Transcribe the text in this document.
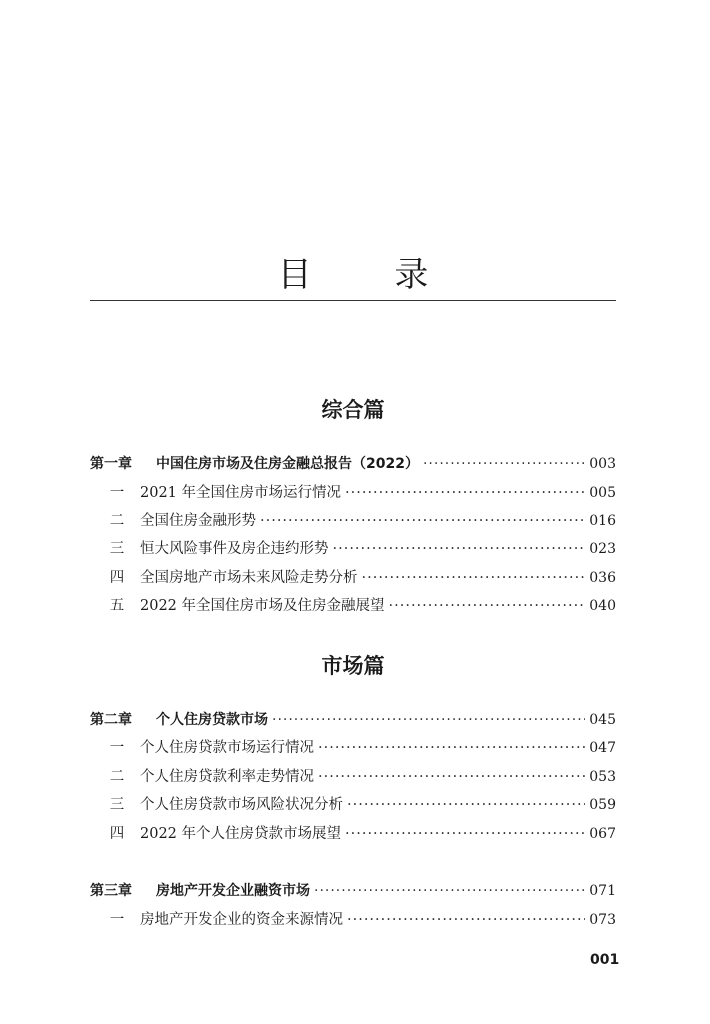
目 录
综合篇
第一章	中国住房市场及住房金融总报告（2022） ·····	003
一 2021 年全国住房市场运行情况 ·····	005
二 全国住房金融形势 ·····	016
三 恒大风险事件及房企违约形势 ·····	023
四 全国房地产市场未来风险走势分析 ·····	036
五 2022 年全国住房市场及住房金融展望 ·····	040
市场篇
第二章	个人住房贷款市场 ·····	045
一 个人住房贷款市场运行情况 ·····	047
二 个人住房贷款利率走势情况 ·····	053
三 个人住房贷款市场风险状况分析 ·····	059
四 2022 年个人住房贷款市场展望 ·····	067
第三章	房地产开发企业融资市场 ·····	071
一 房地产开发企业的资金来源情况 ·····	073
001
